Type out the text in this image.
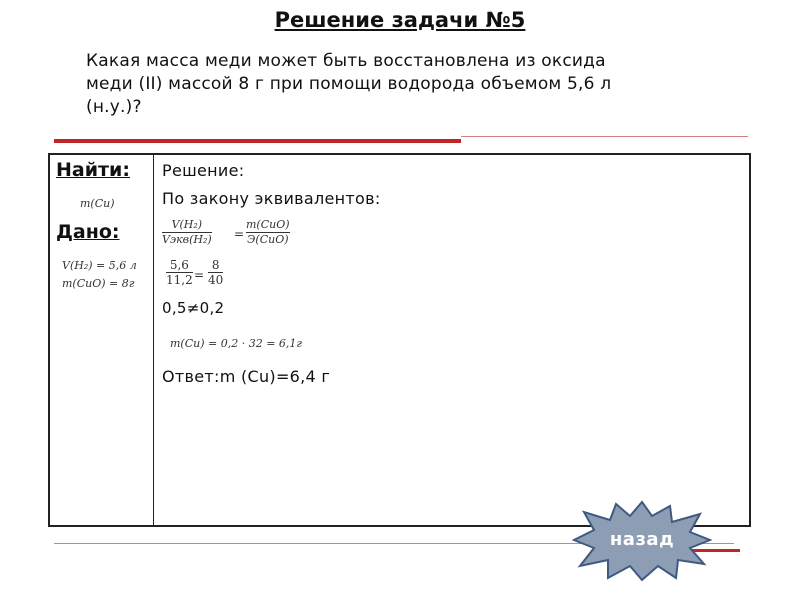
Решение задачи №5
Какая масса меди может быть восстановлена из оксида
меди (II) массой 8 г при помощи водорода объемом 5,6 л
(н.у.)?
Найти:
m(Cu)
Дано:
V(H₂) = 5,6 л
m(CuO) = 8г
Решение:
По закону эквивалентов:
V(H₂)
Vэкв(H₂) =
m(CuO)
Э(CuO)
5,6
11,2 =
8
40
0,5≠0,2
m(Cu) = 0,2 · 32 = 6,1г
Ответ:m (Cu)=6,4 г
назад
